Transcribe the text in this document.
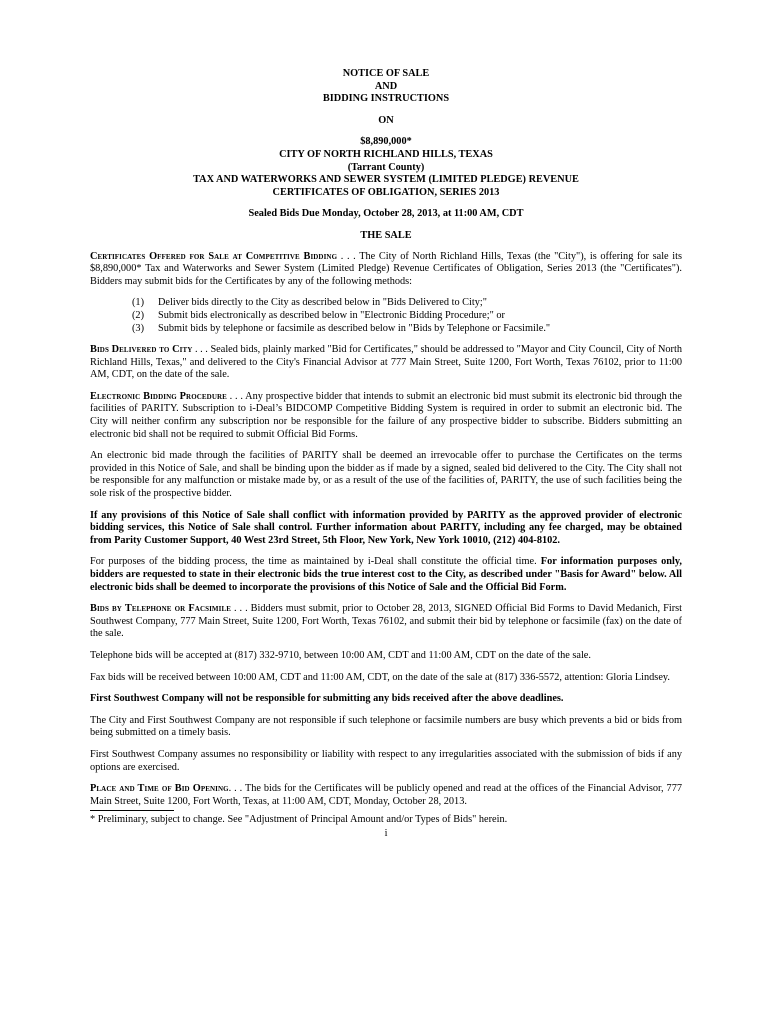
NOTICE OF SALE
AND
BIDDING INSTRUCTIONS
ON
$8,890,000*
CITY OF NORTH RICHLAND HILLS, TEXAS
(Tarrant County)
TAX AND WATERWORKS AND SEWER SYSTEM (LIMITED PLEDGE) REVENUE
CERTIFICATES OF OBLIGATION, SERIES 2013
Sealed Bids Due Monday, October 28, 2013, at 11:00 AM, CDT
THE SALE

Certificates Offered for Sale at Competitive Bidding . . . The City of North Richland Hills, Texas (the "City"), is offering for sale its $8,890,000* Tax and Waterworks and Sewer System (Limited Pledge) Revenue Certificates of Obligation, Series 2013 (the "Certificates"). Bidders may submit bids for the Certificates by any of the following methods:

(1) Deliver bids directly to the City as described below in "Bids Delivered to City;"
(2) Submit bids electronically as described below in "Electronic Bidding Procedure;" or
(3) Submit bids by telephone or facsimile as described below in "Bids by Telephone or Facsimile."

Bids Delivered to City . . . Sealed bids, plainly marked "Bid for Certificates," should be addressed to "Mayor and City Council, City of North Richland Hills, Texas," and delivered to the City's Financial Advisor at 777 Main Street, Suite 1200, Fort Worth, Texas 76102, prior to 11:00 AM, CDT, on the date of the sale.

Electronic Bidding Procedure . . . Any prospective bidder that intends to submit an electronic bid must submit its electronic bid through the facilities of PARITY. Subscription to i-Deal’s BIDCOMP Competitive Bidding System is required in order to submit an electronic bid. The City will neither confirm any subscription nor be responsible for the failure of any prospective bidder to subscribe. Bidders submitting an electronic bid shall not be required to submit Official Bid Forms.

An electronic bid made through the facilities of PARITY shall be deemed an irrevocable offer to purchase the Certificates on the terms provided in this Notice of Sale, and shall be binding upon the bidder as if made by a signed, sealed bid delivered to the City. The City shall not be responsible for any malfunction or mistake made by, or as a result of the use of the facilities of, PARITY, the use of such facilities being the sole risk of the prospective bidder.

If any provisions of this Notice of Sale shall conflict with information provided by PARITY as the approved provider of electronic bidding services, this Notice of Sale shall control. Further information about PARITY, including any fee charged, may be obtained from Parity Customer Support, 40 West 23rd Street, 5th Floor, New York, New York 10010, (212) 404-8102.

For purposes of the bidding process, the time as maintained by i-Deal shall constitute the official time. For information purposes only, bidders are requested to state in their electronic bids the true interest cost to the City, as described under "Basis for Award" below. All electronic bids shall be deemed to incorporate the provisions of this Notice of Sale and the Official Bid Form.

Bids by Telephone or Facsimile . . . Bidders must submit, prior to October 28, 2013, SIGNED Official Bid Forms to David Medanich, First Southwest Company, 777 Main Street, Suite 1200, Fort Worth, Texas 76102, and submit their bid by telephone or facsimile (fax) on the date of the sale.

Telephone bids will be accepted at (817) 332-9710, between 10:00 AM, CDT and 11:00 AM, CDT on the date of the sale.

Fax bids will be received between 10:00 AM, CDT and 11:00 AM, CDT, on the date of the sale at (817) 336-5572, attention: Gloria Lindsey.

First Southwest Company will not be responsible for submitting any bids received after the above deadlines.

The City and First Southwest Company are not responsible if such telephone or facsimile numbers are busy which prevents a bid or bids from being submitted on a timely basis.

First Southwest Company assumes no responsibility or liability with respect to any irregularities associated with the submission of bids if any options are exercised.

Place and Time of Bid Opening. . . The bids for the Certificates will be publicly opened and read at the offices of the Financial Advisor, 777 Main Street, Suite 1200, Fort Worth, Texas, at 11:00 AM, CDT, Monday, October 28, 2013.

* Preliminary, subject to change. See "Adjustment of Principal Amount and/or Types of Bids" herein.

i
